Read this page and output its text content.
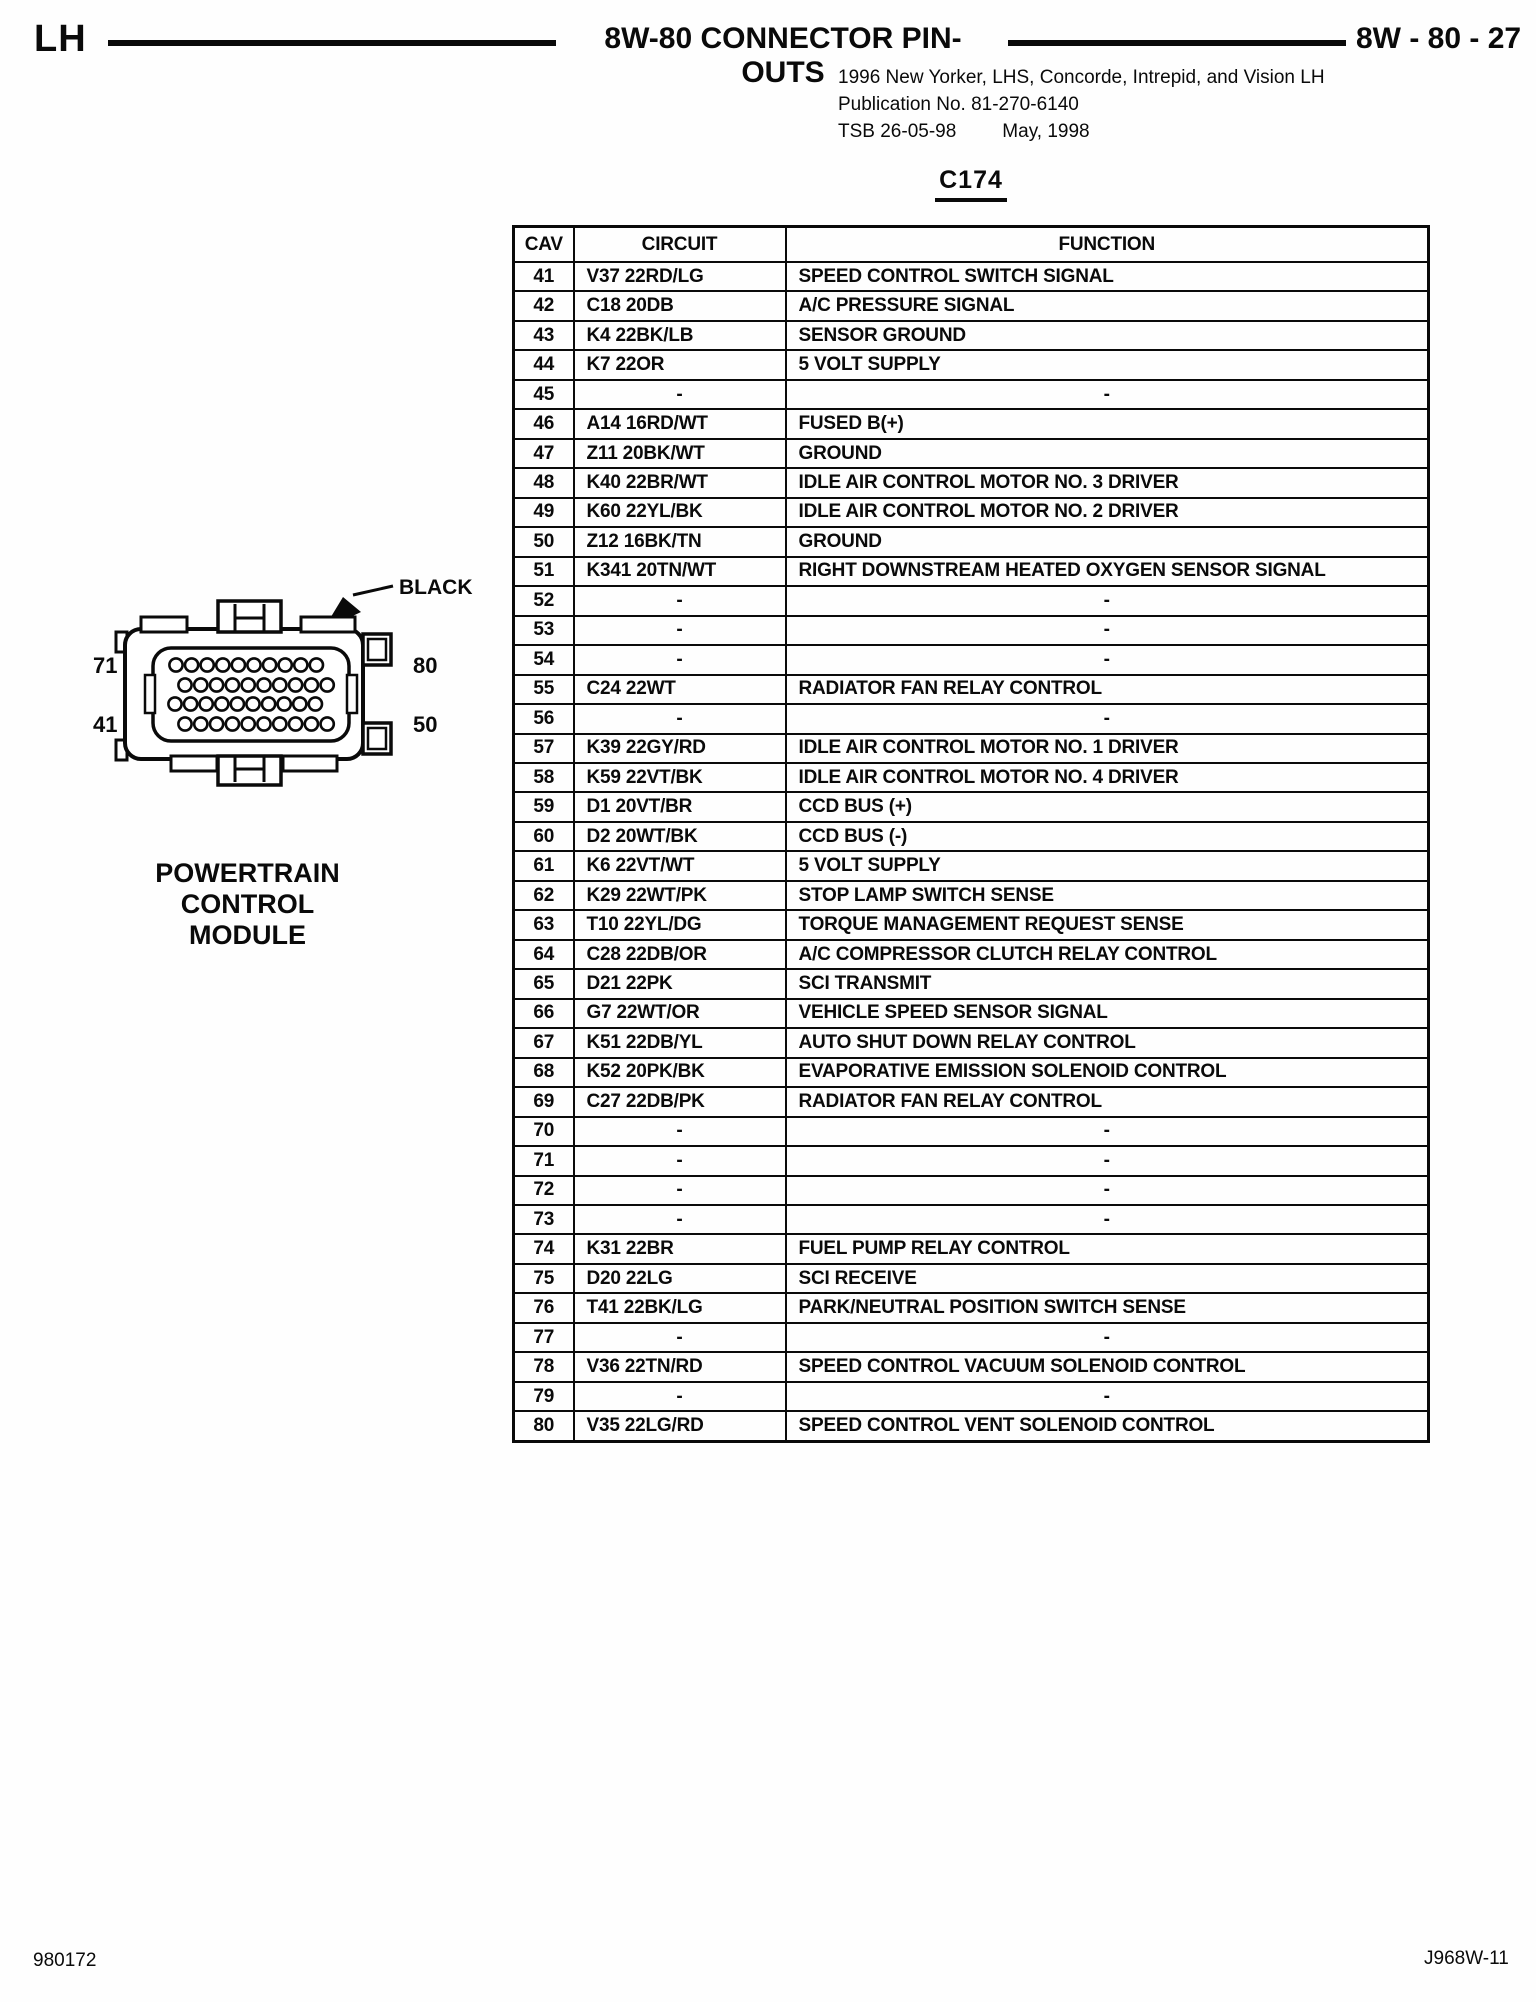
LH	8W-80 CONNECTOR PIN-OUTS
8W - 80 - 27
1996 New Yorker, LHS, Concorde, Intrepid, and Vision LH
Publication No. 81-270-6140
TSB 26-05-98 May, 1998
C174
BLACK
71
41
80
50
POWERTRAIN
CONTROL
MODULE
CAV	CIRCUIT	FUNCTION
41	V37 22RD/LG	SPEED CONTROL SWITCH SIGNAL
42	C18 20DB	A/C PRESSURE SIGNAL
43	K4 22BK/LB	SENSOR GROUND
44	K7 22OR	5 VOLT SUPPLY
45	-	-
46	A14 16RD/WT	FUSED B(+)
47	Z11 20BK/WT	GROUND
48	K40 22BR/WT	IDLE AIR CONTROL MOTOR NO. 3 DRIVER
49	K60 22YL/BK	IDLE AIR CONTROL MOTOR NO. 2 DRIVER
50	Z12 16BK/TN	GROUND
51	K341 20TN/WT	RIGHT DOWNSTREAM HEATED OXYGEN SENSOR SIGNAL
52	-	-
53	-	-
54	-	-
55	C24 22WT	RADIATOR FAN RELAY CONTROL
56	-	-
57	K39 22GY/RD	IDLE AIR CONTROL MOTOR NO. 1 DRIVER
58	K59 22VT/BK	IDLE AIR CONTROL MOTOR NO. 4 DRIVER
59	D1 20VT/BR	CCD BUS (+)
60	D2 20WT/BK	CCD BUS (-)
61	K6 22VT/WT	5 VOLT SUPPLY
62	K29 22WT/PK	STOP LAMP SWITCH SENSE
63	T10 22YL/DG	TORQUE MANAGEMENT REQUEST SENSE
64	C28 22DB/OR	A/C COMPRESSOR CLUTCH RELAY CONTROL
65	D21 22PK	SCI TRANSMIT
66	G7 22WT/OR	VEHICLE SPEED SENSOR SIGNAL
67	K51 22DB/YL	AUTO SHUT DOWN RELAY CONTROL
68	K52 20PK/BK	EVAPORATIVE EMISSION SOLENOID CONTROL
69	C27 22DB/PK	RADIATOR FAN RELAY CONTROL
70	-	-
71	-	-
72	-	-
73	-	-
74	K31 22BR	FUEL PUMP RELAY CONTROL
75	D20 22LG	SCI RECEIVE
76	T41 22BK/LG	PARK/NEUTRAL POSITION SWITCH SENSE
77	-	-
78	V36 22TN/RD	SPEED CONTROL VACUUM SOLENOID CONTROL
79	-	-
80	V35 22LG/RD	SPEED CONTROL VENT SOLENOID CONTROL
980172	J968W-11
